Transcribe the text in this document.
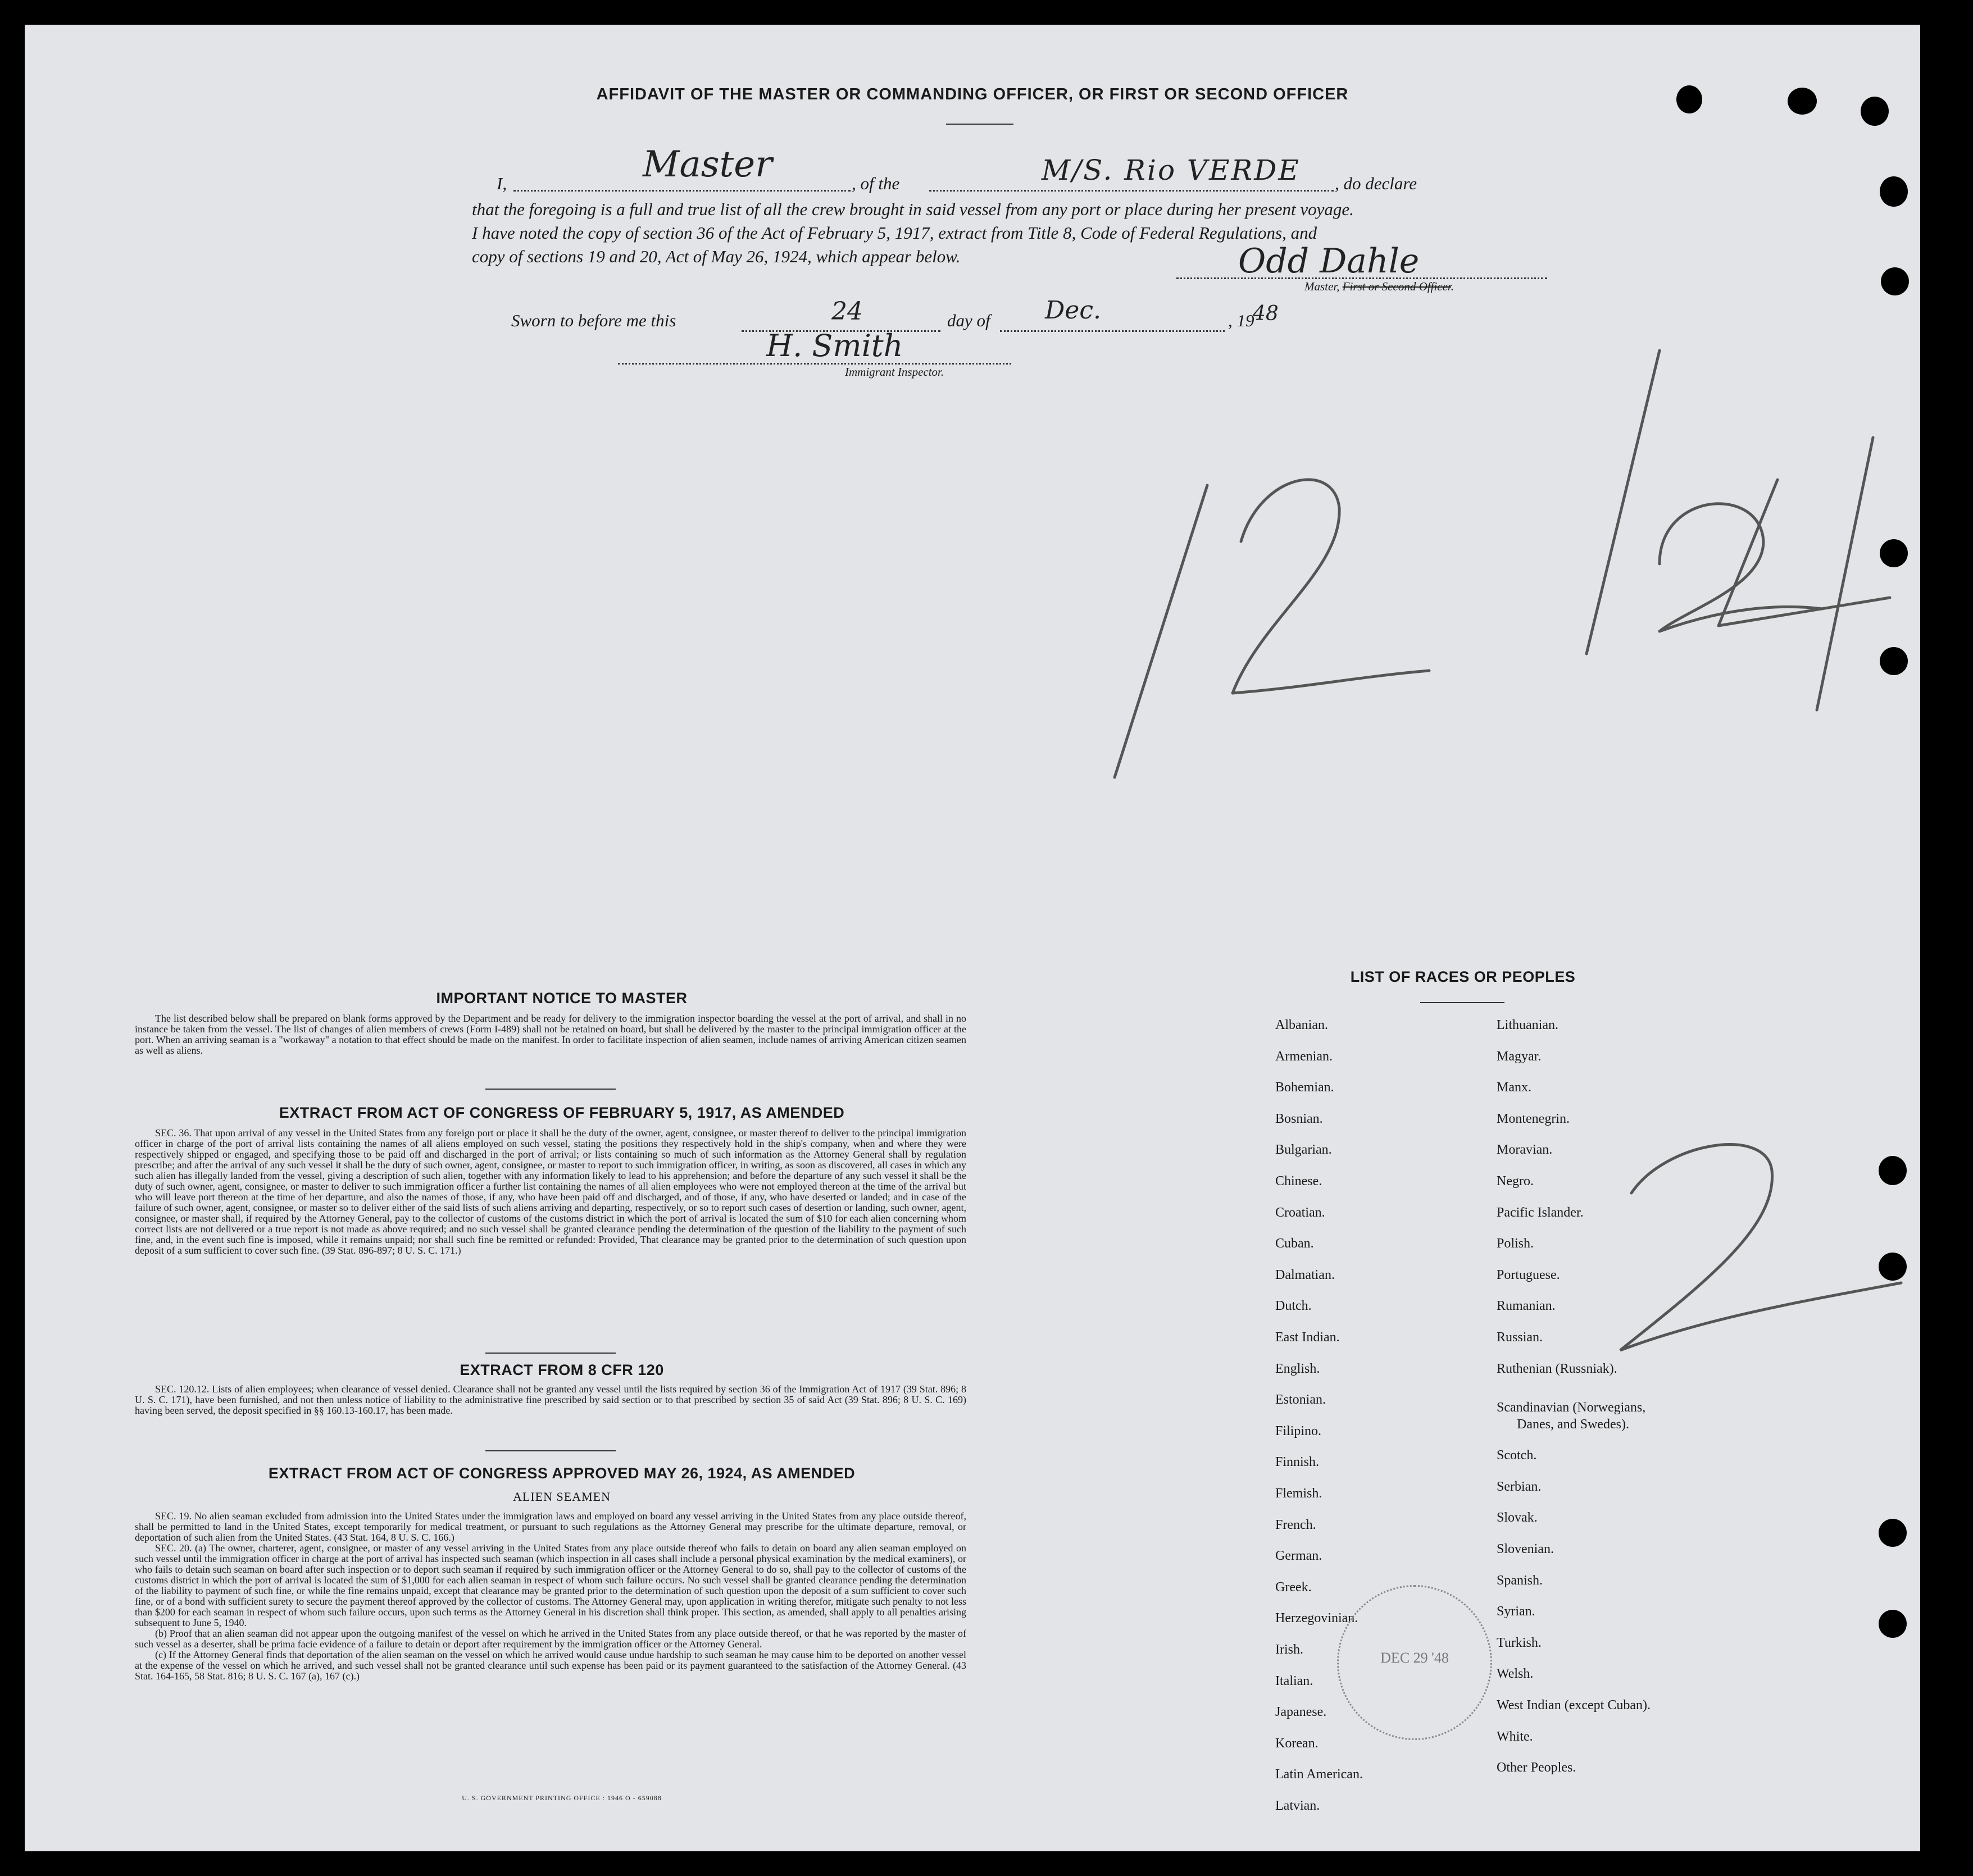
AFFIDAVIT OF THE MASTER OR COMMANDING OFFICER, OR FIRST OR SECOND OFFICER
I,	Master	, of the	M/S. Rio VERDE , do declare
that the foregoing is a full and true list of all the crew brought in said vessel from any port or place during her present voyage.
I have noted the copy of section 36 of the Act of February 5, 1917, extract from Title 8, Code of Federal Regulations, and
copy of sections 19 and 20, Act of May 26, 1924, which appear below.	Odd Dahle
Master, First or Second Officer.
Sworn to before me this	24	day of Dec.	, 19
48
H. Smith
Immigrant Inspector.
12/24
2
IMPORTANT NOTICE TO MASTER

The list described below shall be prepared on blank forms approved by the Department and be ready for delivery to the immigration inspector boarding the vessel at the port of arrival, and shall in no instance be taken from the vessel. The list of changes of alien members of crews (Form I-489) shall not be retained on board, but shall be delivered by the master to the principal immigration officer at the port. When an arriving seaman is a "workaway" a notation to that effect should be made on the manifest. In order to facilitate inspection of alien seamen, include names of arriving American citizen seamen as well as aliens.

EXTRACT FROM ACT OF CONGRESS OF FEBRUARY 5, 1917, AS AMENDED

SEC. 36. That upon arrival of any vessel in the United States from any foreign port or place it shall be the duty of the owner, agent, consignee, or master thereof to deliver to the principal immigration officer in charge of the port of arrival lists containing the names of all aliens employed on such vessel, stating the positions they respectively hold in the ship's company, when and where they were respectively shipped or engaged, and specifying those to be paid off and discharged in the port of arrival; or lists containing so much of such information as the Attorney General shall by regulation prescribe; and after the arrival of any such vessel it shall be the duty of such owner, agent, consignee, or master to report to such immigration officer, in writing, as soon as discovered, all cases in which any such alien has illegally landed from the vessel, giving a description of such alien, together with any information likely to lead to his apprehension; and before the departure of any such vessel it shall be the duty of such owner, agent, consignee, or master to deliver to such immigration officer a further list containing the names of all alien employees who were not employed thereon at the time of the arrival but who will leave port thereon at the time of her departure, and also the names of those, if any, who have been paid off and discharged, and of those, if any, who have deserted or landed; and in case of the failure of such owner, agent, consignee, or master so to deliver either of the said lists of such aliens arriving and departing, respectively, or so to report such cases of desertion or landing, such owner, agent, consignee, or master shall, if required by the Attorney General, pay to the collector of customs of the customs district in which the port of arrival is located the sum of $10 for each alien concerning whom correct lists are not delivered or a true report is not made as above required; and no such vessel shall be granted clearance pending the determination of the question of the liability to the payment of such fine, and, in the event such fine is imposed, while it remains unpaid; nor shall such fine be remitted or refunded: Provided, That clearance may be granted prior to the determination of such question upon deposit of a sum sufficient to cover such fine. (39 Stat. 896-897; 8 U. S. C. 171.)

EXTRACT FROM 8 CFR 120

SEC. 120.12. Lists of alien employees; when clearance of vessel denied. Clearance shall not be granted any vessel until the lists required by section 36 of the Immigration Act of 1917 (39 Stat. 896; 8 U. S. C. 171), have been furnished, and not then unless notice of liability to the administrative fine prescribed by said section or to that prescribed by section 35 of said Act (39 Stat. 896; 8 U. S. C. 169) having been served, the deposit specified in §§ 160.13-160.17, has been made.

EXTRACT FROM ACT OF CONGRESS APPROVED MAY 26, 1924, AS AMENDED
ALIEN SEAMEN

SEC. 19. No alien seaman excluded from admission into the United States under the immigration laws and employed on board any vessel arriving in the United States from any place outside thereof, shall be permitted to land in the United States, except temporarily for medical treatment, or pursuant to such regulations as the Attorney General may prescribe for the ultimate departure, removal, or deportation of such alien from the United States. (43 Stat. 164, 8 U. S. C. 166.)

SEC. 20. (a) The owner, charterer, agent, consignee, or master of any vessel arriving in the United States from any place outside thereof who fails to detain on board any alien seaman employed on such vessel until the immigration officer in charge at the port of arrival has inspected such seaman (which inspection in all cases shall include a personal physical examination by the medical examiners), or who fails to detain such seaman on board after such inspection or to deport such seaman if required by such immigration officer or the Attorney General to do so, shall pay to the collector of customs of the customs district in which the port of arrival is located the sum of $1,000 for each alien seaman in respect of whom such failure occurs. No such vessel shall be granted clearance pending the determination of the liability to payment of such fine, or while the fine remains unpaid, except that clearance may be granted prior to the determination of such question upon the deposit of a sum sufficient to cover such fine, or of a bond with sufficient surety to secure the payment thereof approved by the collector of customs. The Attorney General may, upon application in writing therefor, mitigate such penalty to not less than $200 for each seaman in respect of whom such failure occurs, upon such terms as the Attorney General in his discretion shall think proper. This section, as amended, shall apply to all penalties arising subsequent to June 5, 1940.

(b) Proof that an alien seaman did not appear upon the outgoing manifest of the vessel on which he arrived in the United States from any place outside thereof, or that he was reported by the master of such vessel as a deserter, shall be prima facie evidence of a failure to detain or deport after requirement by the immigration officer or the Attorney General.

(c) If the Attorney General finds that deportation of the alien seaman on the vessel on which he arrived would cause undue hardship to such seaman he may cause him to be deported on another vessel at the expense of the vessel on which he arrived, and such vessel shall not be granted clearance until such expense has been paid or its payment guaranteed to the satisfaction of the Attorney General. (43 Stat. 164-165, 58 Stat. 816; 8 U. S. C. 167 (a), 167 (c).)

U. S. GOVERNMENT PRINTING OFFICE : 1946 O - 659088
LIST OF RACES OR PEOPLES
Albanian.
Armenian.
Bohemian.
Bosnian.
Bulgarian.
Chinese.
Croatian.
Cuban.
Dalmatian.
Dutch.
East Indian.
English.
Estonian.
Filipino.
Finnish.
Flemish.
French.
German.
Greek.
Herzegovinian.
Irish.
Italian.
Japanese.
Korean.
Latin American.
Latvian.
Lithuanian.
Magyar.
Manx.
Montenegrin.
Moravian.
Negro.
Pacific Islander.
Polish.
Portuguese.
Rumanian.
Russian.
Ruthenian (Russniak).
Scandinavian (Norwegians,
Danes, and Swedes).
Scotch.
Serbian.
Slovak.
Slovenian.
Spanish.
Syrian.
Turkish.
Welsh.
West Indian (except Cuban).
White.
Other Peoples.
DEC 29 '48
